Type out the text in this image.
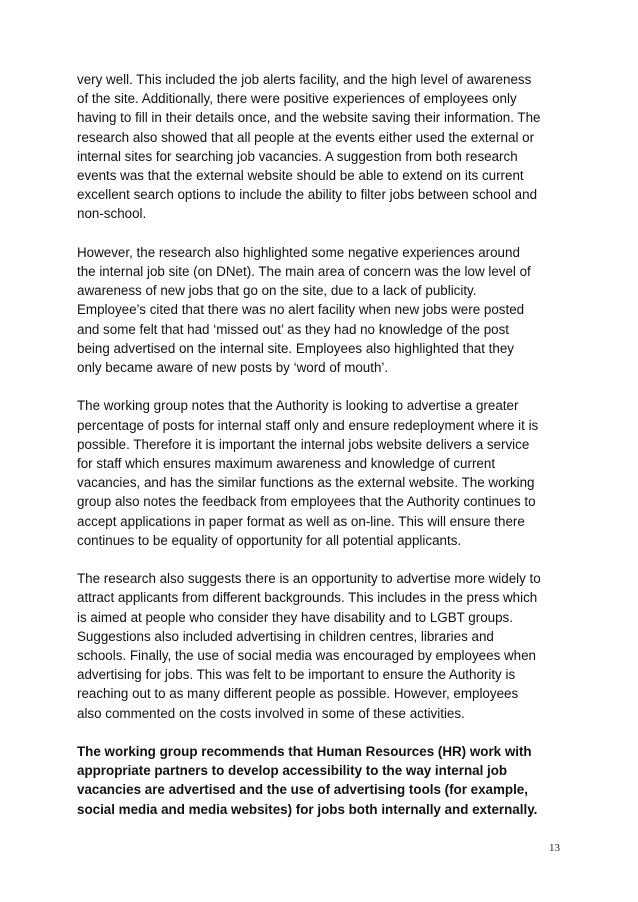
very well. This included the job alerts facility, and the high level of awareness
of the site. Additionally, there were positive experiences of employees only
having to fill in their details once, and the website saving their information. The
research also showed that all people at the events either used the external or
internal sites for searching job vacancies. A suggestion from both research
events was that the external website should be able to extend on its current
excellent search options to include the ability to filter jobs between school and
non-school.

However, the research also highlighted some negative experiences around
the internal job site (on DNet). The main area of concern was the low level of
awareness of new jobs that go on the site, due to a lack of publicity.
Employee’s cited that there was no alert facility when new jobs were posted
and some felt that had ‘missed out’ as they had no knowledge of the post
being advertised on the internal site. Employees also highlighted that they
only became aware of new posts by ‘word of mouth’.

The working group notes that the Authority is looking to advertise a greater
percentage of posts for internal staff only and ensure redeployment where it is
possible. Therefore it is important the internal jobs website delivers a service
for staff which ensures maximum awareness and knowledge of current
vacancies, and has the similar functions as the external website. The working
group also notes the feedback from employees that the Authority continues to
accept applications in paper format as well as on-line. This will ensure there
continues to be equality of opportunity for all potential applicants.

The research also suggests there is an opportunity to advertise more widely to
attract applicants from different backgrounds. This includes in the press which
is aimed at people who consider they have disability and to LGBT groups.
Suggestions also included advertising in children centres, libraries and
schools. Finally, the use of social media was encouraged by employees when
advertising for jobs. This was felt to be important to ensure the Authority is
reaching out to as many different people as possible. However, employees
also commented on the costs involved in some of these activities.

The working group recommends that Human Resources (HR) work with
appropriate partners to develop accessibility to the way internal job
vacancies are advertised and the use of advertising tools (for example,
social media and media websites) for jobs both internally and externally.

13
